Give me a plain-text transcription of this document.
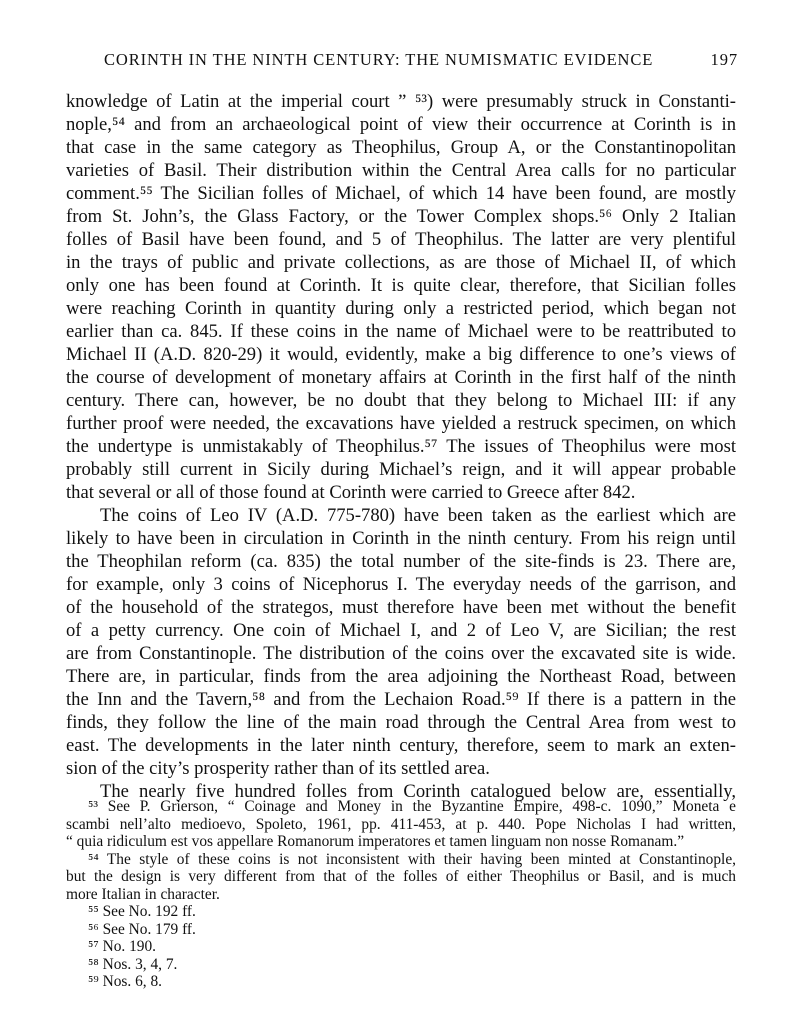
CORINTH IN THE NINTH CENTURY: THE NUMISMATIC EVIDENCE	197
knowledge of Latin at the imperial court ” ⁵³) were presumably struck in Constanti-
nople,⁵⁴ and from an archaeological point of view their occurrence at Corinth is in
that case in the same category as Theophilus, Group A, or the Constantinopolitan
varieties of Basil. Their distribution within the Central Area calls for no particular
comment.⁵⁵ The Sicilian folles of Michael, of which 14 have been found, are mostly
from St. John’s, the Glass Factory, or the Tower Complex shops.⁵⁶ Only 2 Italian
folles of Basil have been found, and 5 of Theophilus. The latter are very plentiful
in the trays of public and private collections, as are those of Michael II, of which
only one has been found at Corinth. It is quite clear, therefore, that Sicilian folles
were reaching Corinth in quantity during only a restricted period, which began not
earlier than ca. 845. If these coins in the name of Michael were to be reattributed to
Michael II (A.D. 820-29) it would, evidently, make a big difference to one’s views of
the course of development of monetary affairs at Corinth in the first half of the ninth
century. There can, however, be no doubt that they belong to Michael III: if any
further proof were needed, the excavations have yielded a restruck specimen, on which
the undertype is unmistakably of Theophilus.⁵⁷ The issues of Theophilus were most
probably still current in Sicily during Michael’s reign, and it will appear probable
that several or all of those found at Corinth were carried to Greece after 842.
The coins of Leo IV (A.D. 775-780) have been taken as the earliest which are
likely to have been in circulation in Corinth in the ninth century. From his reign until
the Theophilan reform (ca. 835) the total number of the site-finds is 23. There are,
for example, only 3 coins of Nicephorus I. The everyday needs of the garrison, and
of the household of the strategos, must therefore have been met without the benefit
of a petty currency. One coin of Michael I, and 2 of Leo V, are Sicilian; the rest
are from Constantinople. The distribution of the coins over the excavated site is wide.
There are, in particular, finds from the area adjoining the Northeast Road, between
the Inn and the Tavern,⁵⁸ and from the Lechaion Road.⁵⁹ If there is a pattern in the
finds, they follow the line of the main road through the Central Area from west to
east. The developments in the later ninth century, therefore, seem to mark an exten-
sion of the city’s prosperity rather than of its settled area.
The nearly five hundred folles from Corinth catalogued below are, essentially,
⁵³ See P. Grierson, “ Coinage and Money in the Byzantine Empire, 498-c. 1090,” Moneta e
scambi nell’alto medioevo, Spoleto, 1961, pp. 411-453, at p. 440. Pope Nicholas I had written,
“ quia ridiculum est vos appellare Romanorum imperatores et tamen linguam non nosse Romanam.”
⁵⁴ The style of these coins is not inconsistent with their having been minted at Constantinople,
but the design is very different from that of the folles of either Theophilus or Basil, and is much
more Italian in character.
⁵⁵ See No. 192 ff.
⁵⁶ See No. 179 ff.
⁵⁷ No. 190.
⁵⁸ Nos. 3, 4, 7.
⁵⁹ Nos. 6, 8.
